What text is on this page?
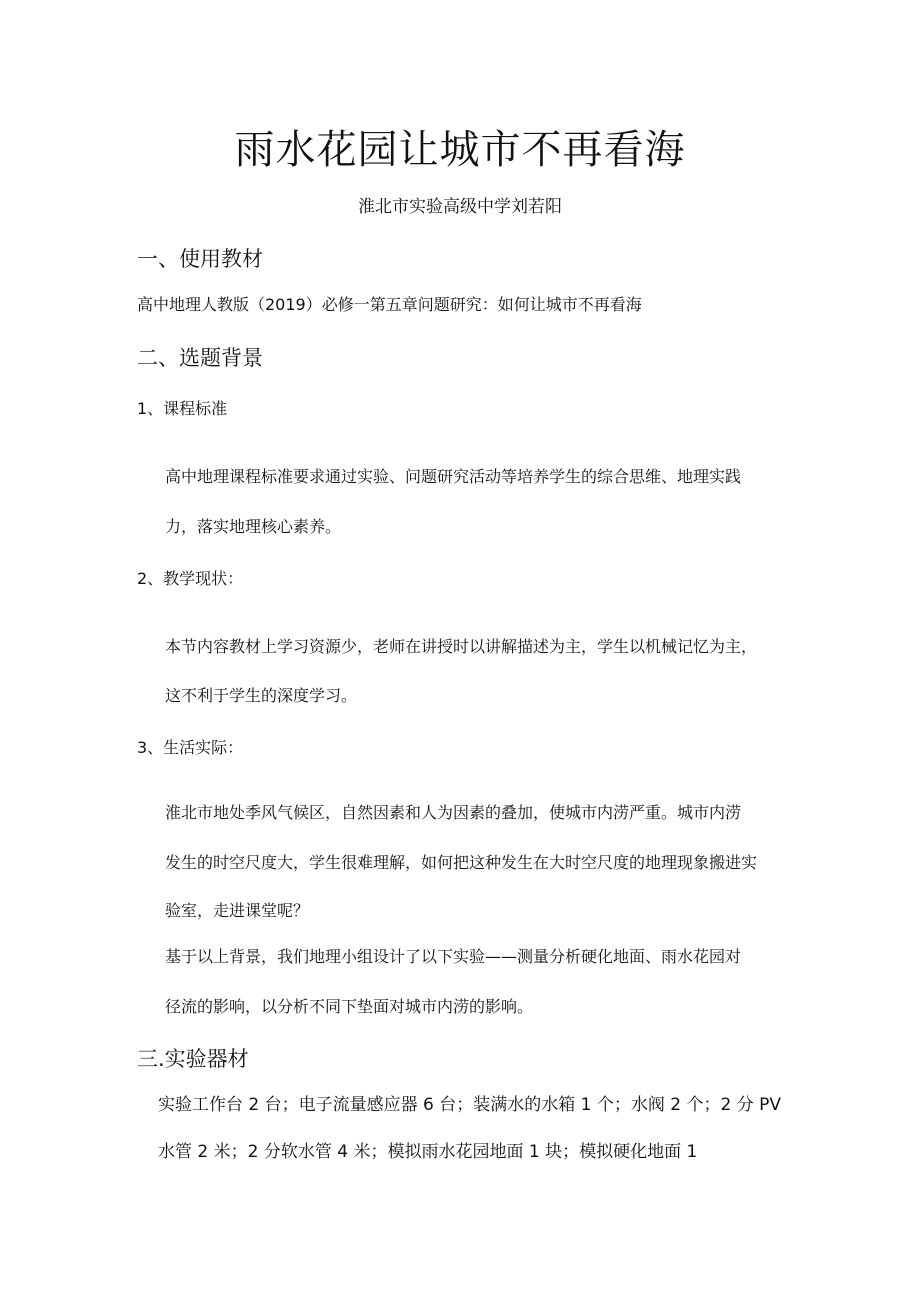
雨水花园让城市不再看海
淮北市实验高级中学刘若阳
一、使用教材
高中地理人教版（2019）必修一第五章问题研究：如何让城市不再看海
二、选题背景
1、课程标准
高中地理课程标准要求通过实验、问题研究活动等培养学生的综合思维、地理实践
力，落实地理核心素养。
2、教学现状：
本节内容教材上学习资源少，老师在讲授时以讲解描述为主，学生以机械记忆为主，
这不利于学生的深度学习。
3、生活实际：
淮北市地处季风气候区，自然因素和人为因素的叠加，使城市内涝严重。城市内涝
发生的时空尺度大，学生很难理解，如何把这种发生在大时空尺度的地理现象搬进实
验室，走进课堂呢？
基于以上背景，我们地理小组设计了以下实验——测量分析硬化地面、雨水花园对
径流的影响，以分析不同下垫面对城市内涝的影响。
三.实验器材
实验工作台 2 台；电子流量感应器 6 台；装满水的水箱 1 个；水阀 2 个；2 分 PV
水管 2 米；2 分软水管 4 米；模拟雨水花园地面 1 块；模拟硬化地面 1
